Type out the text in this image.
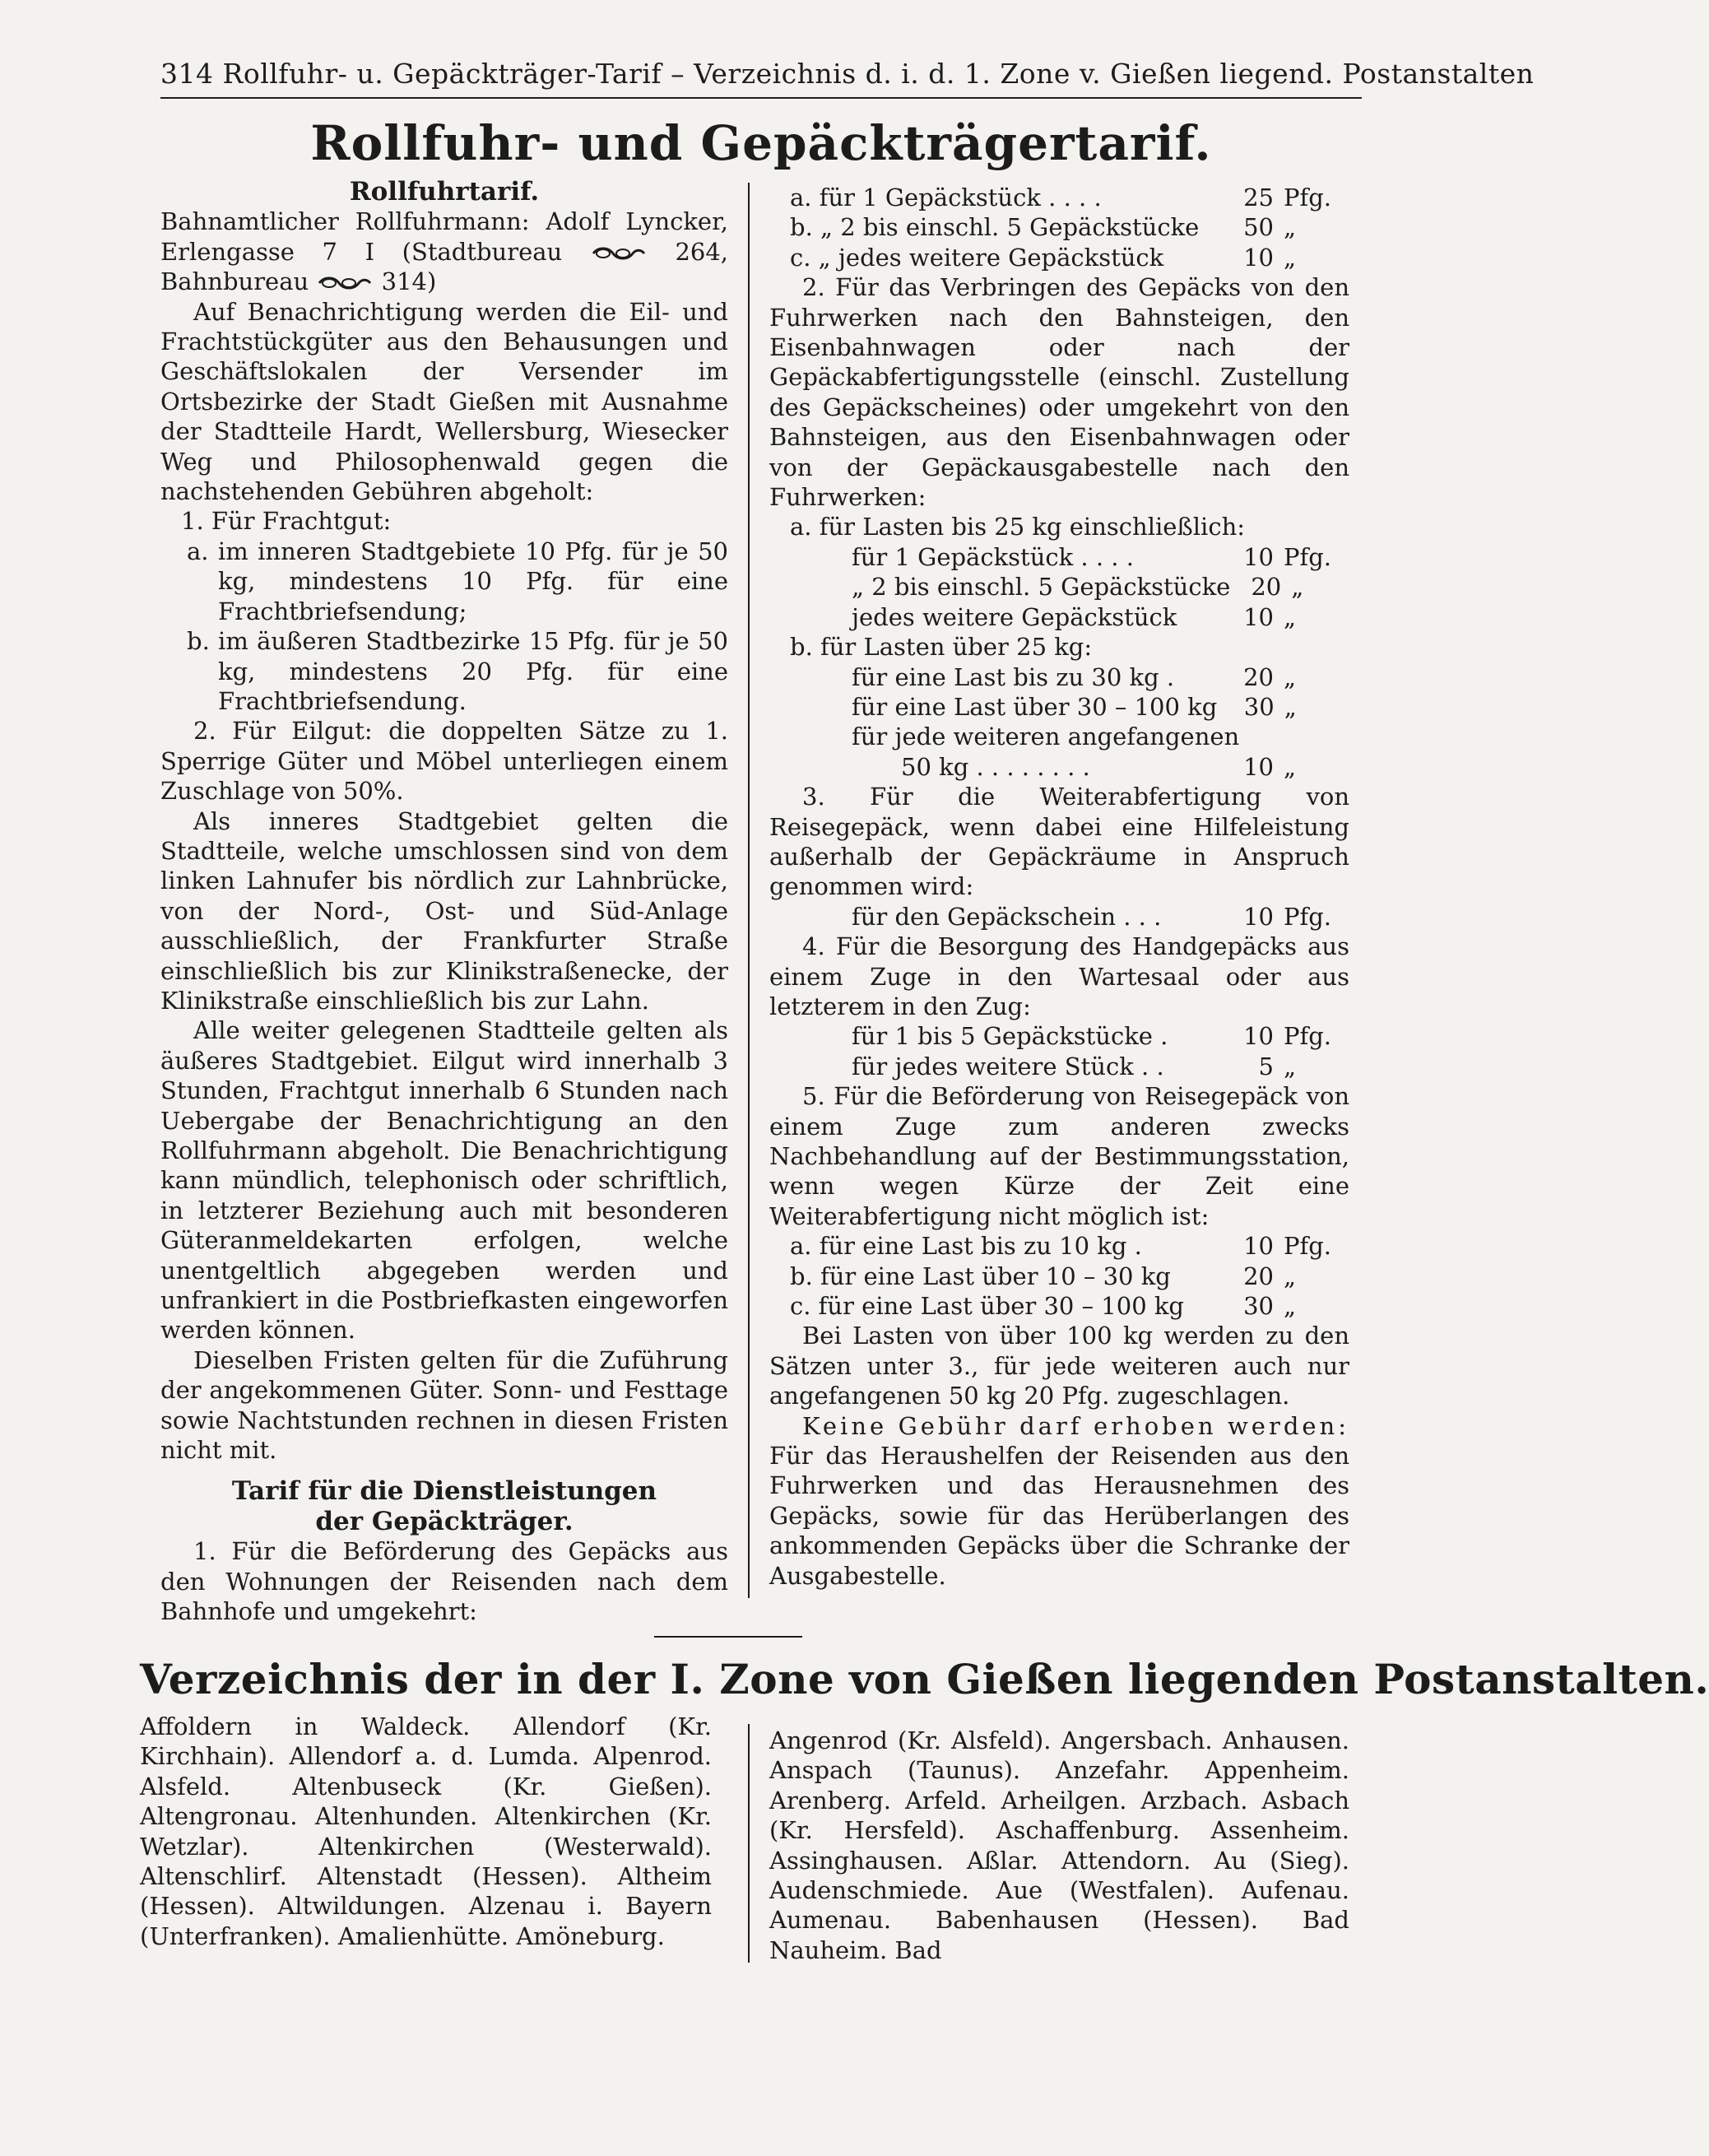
314 Rollfuhr- u. Gepäckträger-Tarif – Verzeichnis d. i. d. 1. Zone v. Gießen liegend. Postanstalten
Rollfuhr- und Gepäckträgertarif.

Rollfuhrtarif.

Bahnamtlicher Rollfuhrmann: Adolf Lyncker, Erlengasse 7 I (Stadtbureau	264, Bahnbureau	314)

Auf Benachrichtigung werden die Eil- und Frachtstückgüter aus den Behausungen und Geschäftslokalen der Versender im Ortsbezirke der Stadt Gießen mit Ausnahme der Stadtteile Hardt, Wellersburg, Wiesecker Weg und Philosophenwald gegen die nachstehenden Gebühren abgeholt:

1. Für Frachtgut:

a. im inneren Stadtgebiete 10 Pfg. für je 50 kg, mindestens 10 Pfg. für eine Frachtbriefsendung;

b. im äußeren Stadtbezirke 15 Pfg. für je 50 kg, mindestens 20 Pfg. für eine Frachtbriefsendung.

2. Für Eilgut: die doppelten Sätze zu 1. Sperrige Güter und Möbel unterliegen einem Zuschlage von 50%.

Als inneres Stadtgebiet gelten die Stadtteile, welche umschlossen sind von dem linken Lahnufer bis nördlich zur Lahnbrücke, von der Nord-, Ost- und Süd-Anlage ausschließlich, der Frankfurter Straße einschließlich bis zur Klinikstraßenecke, der Klinikstraße einschließlich bis zur Lahn.

Alle weiter gelegenen Stadtteile gelten als äußeres Stadtgebiet. Eilgut wird innerhalb 3 Stunden, Frachtgut innerhalb 6 Stunden nach Uebergabe der Benachrichtigung an den Rollfuhrmann abgeholt. Die Benachrichtigung kann mündlich, telephonisch oder schriftlich, in letzterer Beziehung auch mit besonderen Güteranmeldekarten erfolgen, welche unentgeltlich abgegeben werden und unfrankiert in die Postbriefkasten eingeworfen werden können.

Dieselben Fristen gelten für die Zuführung der angekommenen Güter. Sonn- und Festtage sowie Nachtstunden rechnen in diesen Fristen nicht mit.

Tarif für die Dienstleistungen

der Gepäckträger.

1. Für die Beförderung des Gepäcks aus den Wohnungen der Reisenden nach dem Bahnhofe und umgekehrt:

a. für 1 Gepäckstück . . . .	25 Pfg.
b. „ 2 bis einschl. 5 Gepäckstücke	50 „
c. „ jedes weitere Gepäckstück	10 „

2. Für das Verbringen des Gepäcks von den Fuhrwerken nach den Bahnsteigen, den Eisenbahnwagen oder nach der Gepäckabfertigungsstelle (einschl. Zustellung des Gepäckscheines) oder umgekehrt von den Bahnsteigen, aus den Eisenbahnwagen oder von der Gepäckausgabestelle nach den Fuhrwerken:

a. für Lasten bis 25 kg einschließlich:

für 1 Gepäckstück . . . .	10 Pfg.
„ 2 bis einschl. 5 Gepäckstücke 20 „
jedes weitere Gepäckstück	10 „

b. für Lasten über 25 kg:

für eine Last bis zu 30 kg .	20 „
für eine Last über 30 – 100 kg	30 „

für jede weiteren angefangenen

50 kg . . . . . . . .	10 „

3. Für die Weiterabfertigung von Reisegepäck, wenn dabei eine Hilfeleistung außerhalb der Gepäckräume in Anspruch genommen wird:

für den Gepäckschein . . .	10 Pfg.

4. Für die Besorgung des Handgepäcks aus einem Zuge in den Wartesaal oder aus letzterem in den Zug:

für 1 bis 5 Gepäckstücke .	10 Pfg.
für jedes weitere Stück . .	5 „

5. Für die Beförderung von Reisegepäck von einem Zuge zum anderen zwecks Nachbehandlung auf der Bestimmungsstation, wenn wegen Kürze der Zeit eine Weiterabfertigung nicht möglich ist:

a. für eine Last bis zu 10 kg .	10 Pfg.
b. für eine Last über 10 – 30 kg	20 „
c. für eine Last über 30 – 100 kg	30 „

Bei Lasten von über 100 kg werden zu den Sätzen unter 3., für jede weiteren auch nur angefangenen 50 kg 20 Pfg. zugeschlagen.

Keine Gebühr darf erhoben werden: Für das Heraushelfen der Reisenden aus den Fuhrwerken und das Herausnehmen des Gepäcks, sowie für das Herüberlangen des ankommenden Gepäcks über die Schranke der Ausgabestelle.

Verzeichnis der in der I. Zone von Gießen liegenden Postanstalten.
Affoldern in Waldeck. Allendorf (Kr. Kirchhain). Allendorf a. d. Lumda. Alpenrod. Alsfeld. Altenbuseck (Kr. Gießen). Altengronau. Altenhunden. Altenkirchen (Kr. Wetzlar). Altenkirchen (Westerwald). Altenschlirf. Altenstadt (Hessen). Altheim (Hessen). Altwildungen. Alzenau i. Bayern (Unterfranken). Amalienhütte. Amöneburg.
Angenrod (Kr. Alsfeld). Angersbach. Anhausen. Anspach (Taunus). Anzefahr. Appenheim. Arenberg. Arfeld. Arheilgen. Arzbach. Asbach (Kr. Hersfeld). Aschaffenburg. Assenheim. Assinghausen. Aßlar. Attendorn. Au (Sieg). Audenschmiede. Aue (Westfalen). Aufenau. Aumenau. Babenhausen (Hessen). Bad Nauheim. Bad
